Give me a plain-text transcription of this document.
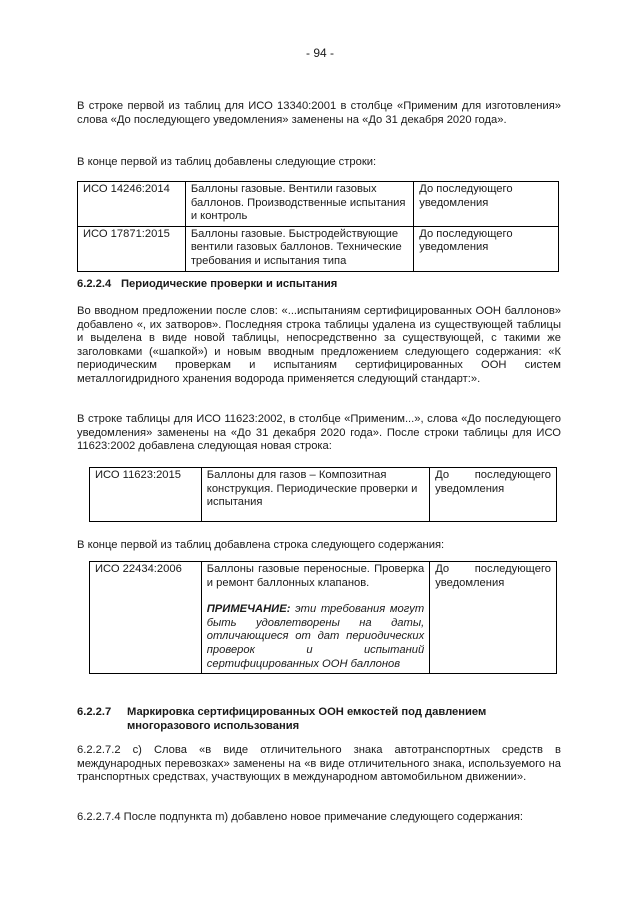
- 94 -

В строке первой из таблиц для ИСО 13340:2001 в столбце «Применим для изготовления» слова «До последующего уведомления» заменены на «До 31 декабря 2020 года».

В конце первой из таблиц добавлены следующие строки:

ИСО 14246:2014	Баллоны газовые. Вентили газовых баллонов. Производственные испытания и контроль	До последующего уведомления
ИСО 17871:2015	Баллоны газовые. Быстродействующие вентили газовых баллонов. Технические требования и испытания типа	До последующего уведомления
6.2.2.4 Периодические проверки и испытания

Во вводном предложении после слов: «...испытаниям сертифицированных ООН баллонов» добавлено «, их затворов». Последняя строка таблицы удалена из существующей таблицы и выделена в виде новой таблицы, непосредственно за существующей, с такими же заголовками («шапкой») и новым вводным предложением следующего содержания: «К периодическим проверкам и испытаниям сертифицированных ООН систем металлогидридного хранения водорода применяется следующий стандарт:».

В строке таблицы для ИСО 11623:2002, в столбце «Применим...», слова «До последующего уведомления» заменены на «До 31 декабря 2020 года». После строки таблицы для ИСО 11623:2002 добавлена следующая новая строка:

ИСО 11623:2015	Баллоны для газов – Композитная конструкция. Периодические проверки и испытания	До последующего уведомления

В конце первой из таблиц добавлена строка следующего содержания:

ИСО 22434:2006	Баллоны газовые переносные. Проверка и ремонт баллонных клапанов.
ПРИМЕЧАНИЕ: эти требования могут быть удовлетворены на даты, отличающиеся от дат периодических проверок и испытаний сертифицированных ООН баллонов
	До последующего уведомления
6.2.2.7 Маркировка сертифицированных ООН емкостей под давлением
многоразового использования

6.2.2.7.2 c) Слова «в виде отличительного знака автотранспортных средств в международных перевозках» заменены на «в виде отличительного знака, используемого на транспортных средствах, участвующих в международном автомобильном движении».

6.2.2.7.4 После подпункта m) добавлено новое примечание следующего содержания:
